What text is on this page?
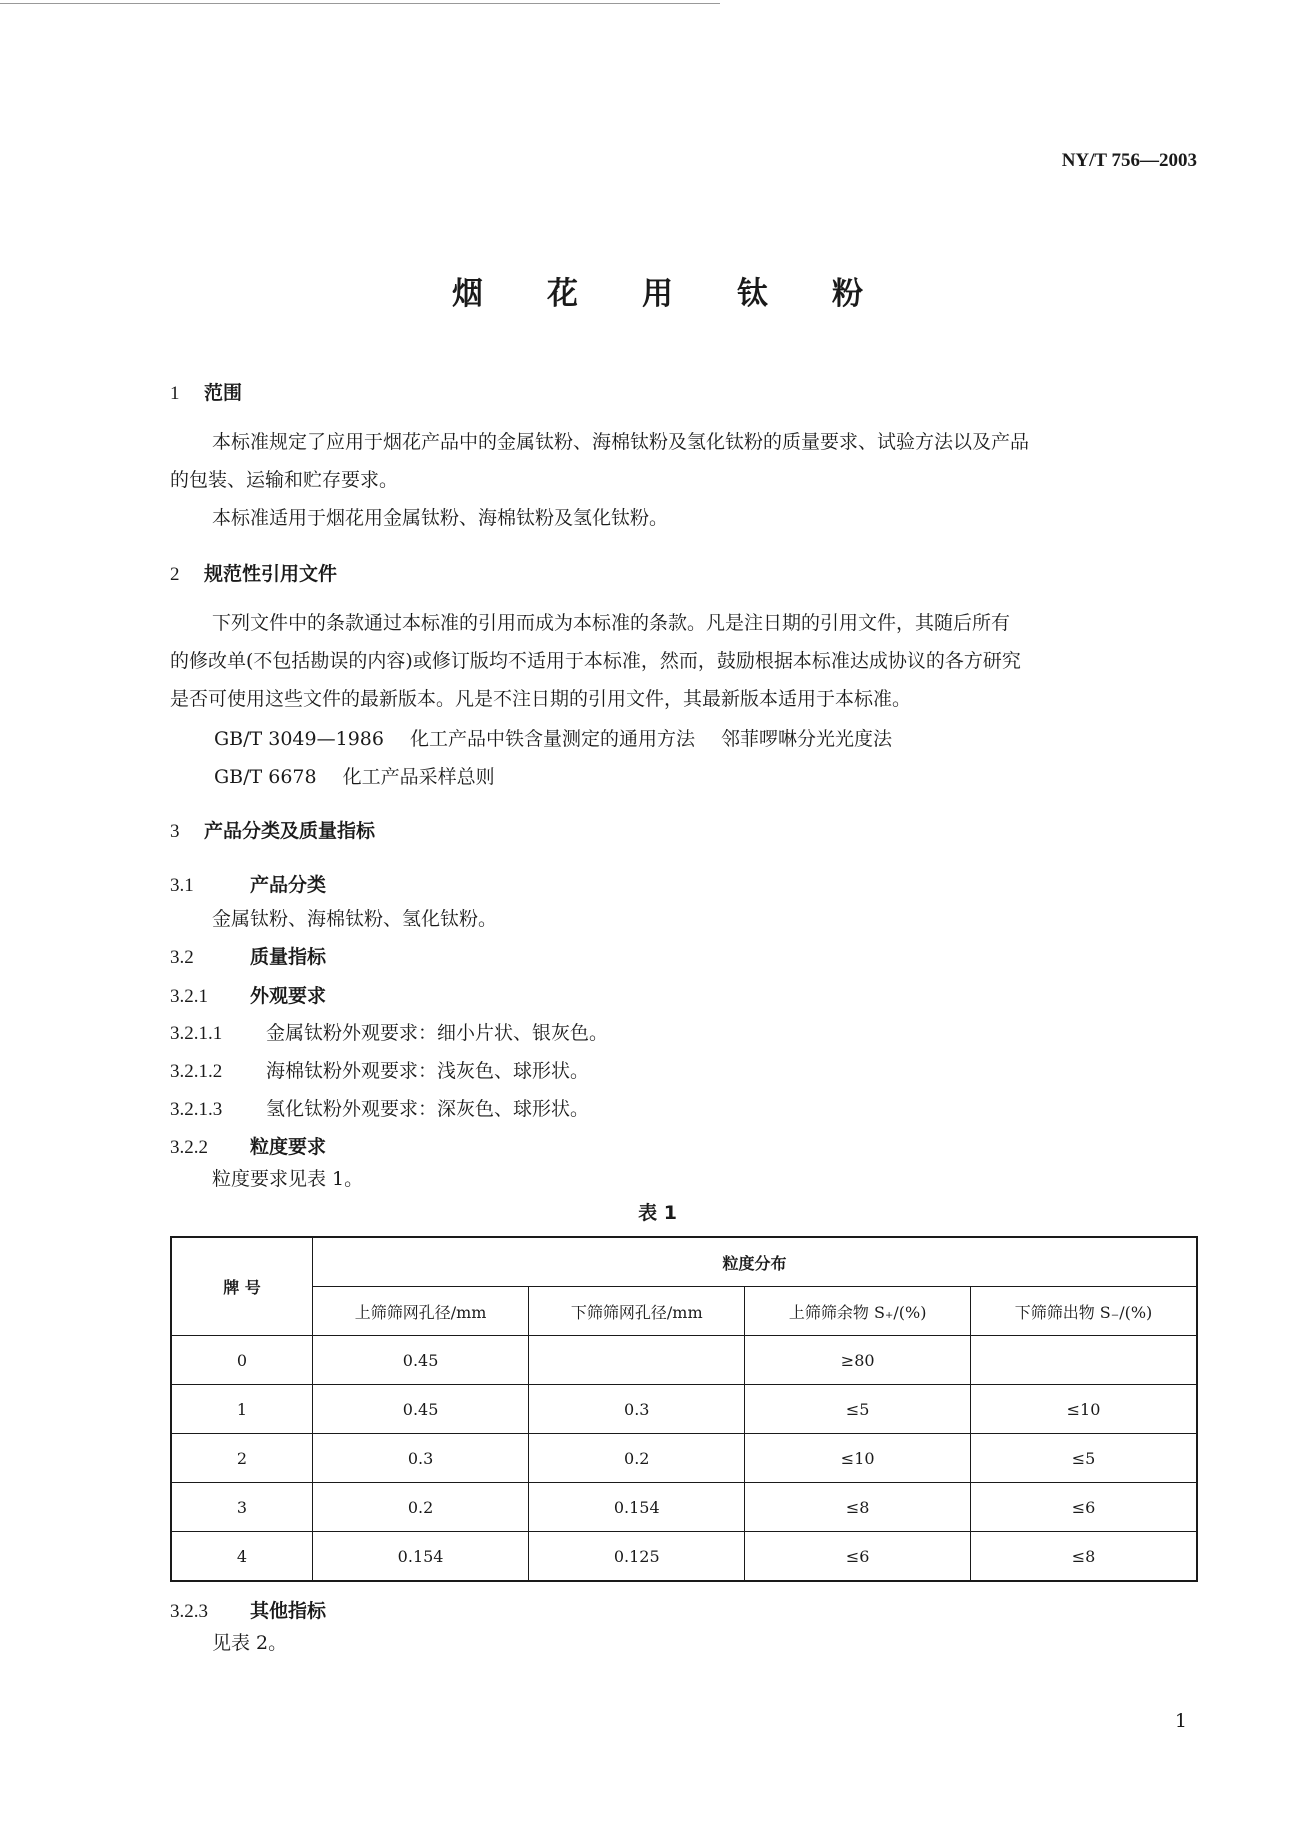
NY/T 756—2003
烟花用钛粉
1 范围
本标准规定了应用于烟花产品中的金属钛粉、海棉钛粉及氢化钛粉的质量要求、试验方法以及产品
的包装、运输和贮存要求。
本标准适用于烟花用金属钛粉、海棉钛粉及氢化钛粉。
2 规范性引用文件
下列文件中的条款通过本标准的引用而成为本标准的条款。凡是注日期的引用文件，其随后所有
的修改单(不包括勘误的内容)或修订版均不适用于本标准，然而，鼓励根据本标准达成协议的各方研究
是否可使用这些文件的最新版本。凡是不注日期的引用文件，其最新版本适用于本标准。
GB/T 3049—1986 化工产品中铁含量测定的通用方法 邻菲啰啉分光光度法
GB/T 6678 化工产品采样总则
3 产品分类及质量指标
3.1	产品分类
金属钛粉、海棉钛粉、氢化钛粉。
3.2	质量指标
3.2.1 外观要求
3.2.1.1 金属钛粉外观要求：细小片状、银灰色。
3.2.1.2 海棉钛粉外观要求：浅灰色、球形状。
3.2.1.3 氢化钛粉外观要求：深灰色、球形状。
3.2.2 粒度要求
粒度要求见表 1。
表 1
牌 号	粒度分布			
	上筛筛网孔径/mm	下筛筛网孔径/mm	上筛筛余物 S₊/(%)	下筛筛出物 S₋/(%)
0	0.45		≥80	
1	0.45	0.3	≤5	≤10
2	0.3	0.2	≤10	≤5
3	0.2	0.154	≤8	≤6
4	0.154	0.125	≤6	≤8
3.2.3 其他指标
见表 2。
1
